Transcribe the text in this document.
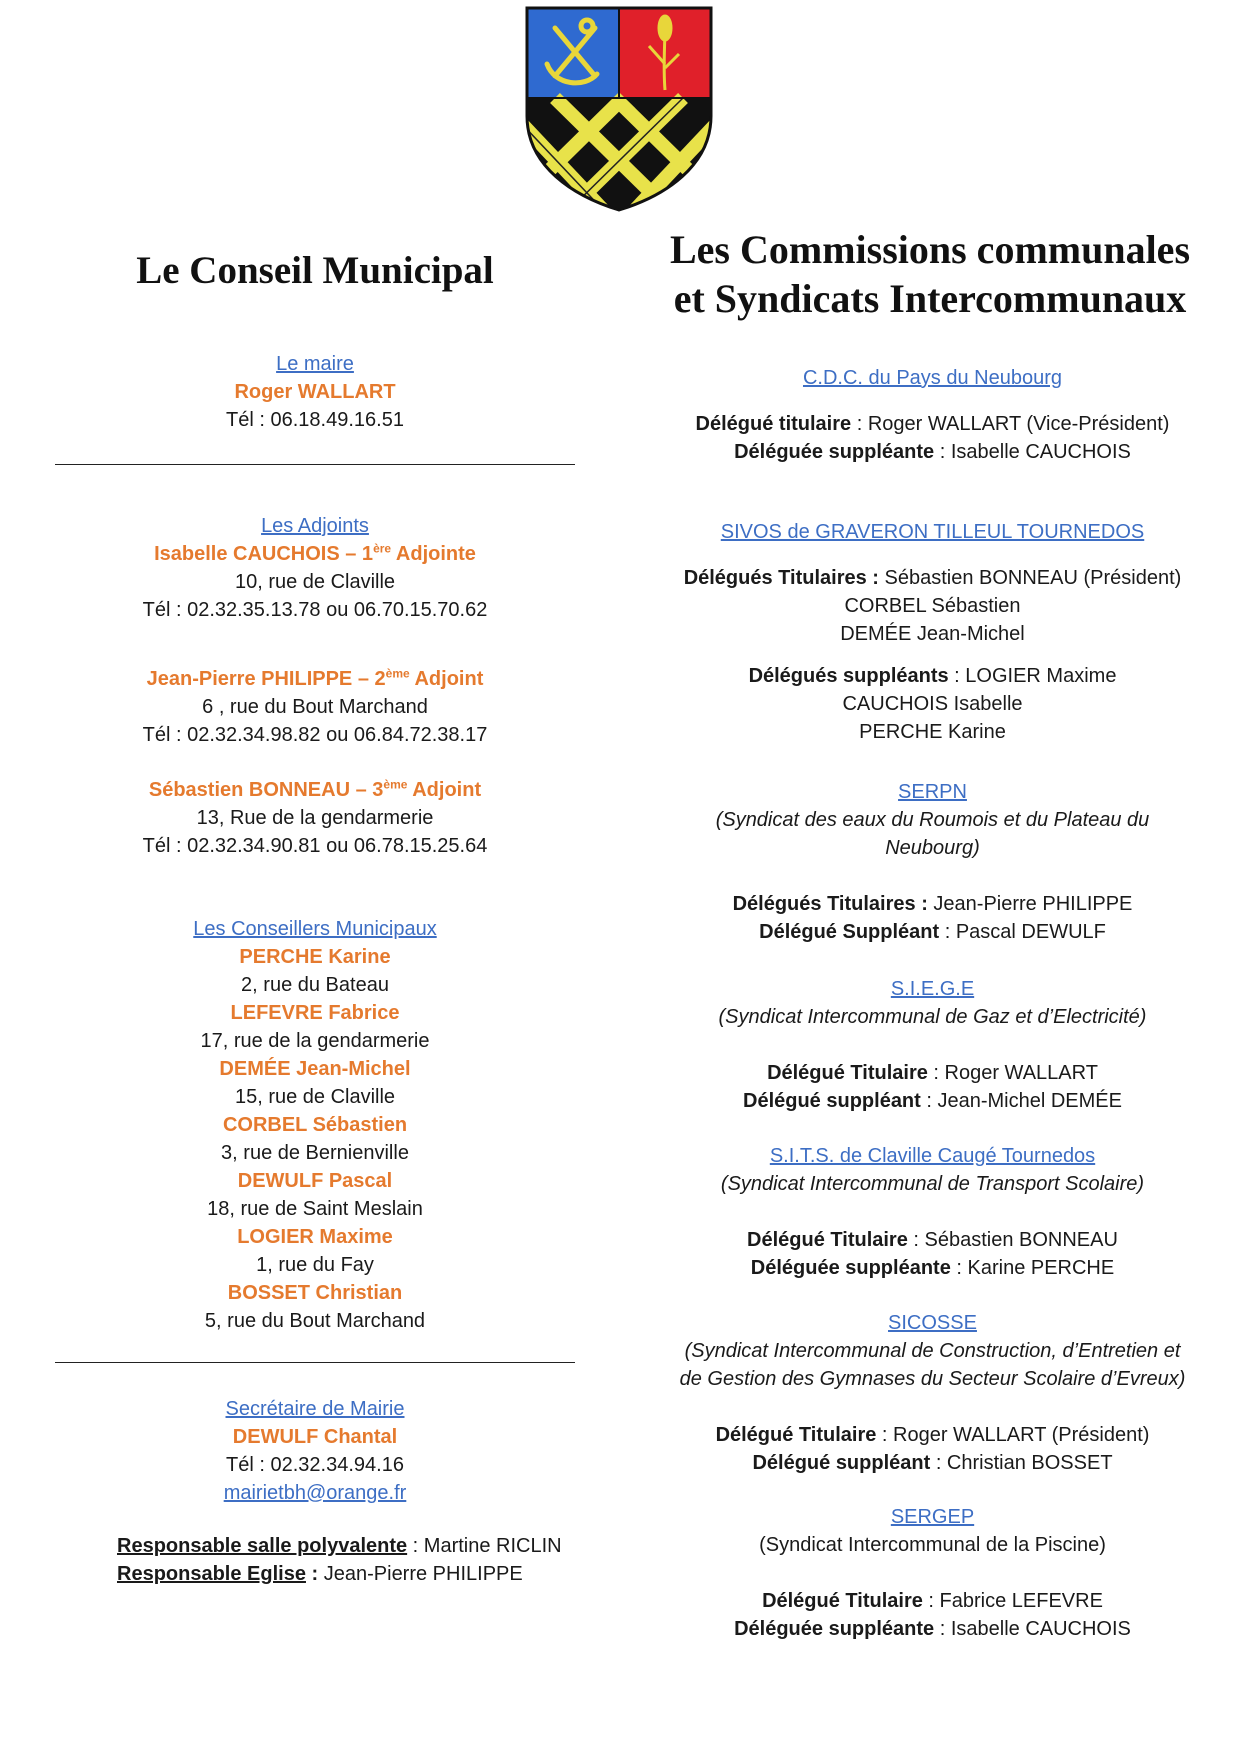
Le Conseil Municipal
Le maire
Roger WALLART
Tél : 06.18.49.16.51
Les Adjoints
Isabelle CAUCHOIS – 1ère Adjointe
10, rue de Claville
Tél : 02.32.35.13.78 ou 06.70.15.70.62
Jean-Pierre PHILIPPE – 2ème Adjoint
6 , rue du Bout Marchand
Tél : 02.32.34.98.82 ou 06.84.72.38.17
Sébastien BONNEAU – 3ème Adjoint
13, Rue de la gendarmerie
Tél : 02.32.34.90.81 ou 06.78.15.25.64
Les Conseillers Municipaux
PERCHE Karine
2, rue du Bateau
LEFEVRE Fabrice
17, rue de la gendarmerie
DEMÉE Jean-Michel
15, rue de Claville
CORBEL Sébastien
3, rue de Bernienville
DEWULF Pascal
18, rue de Saint Meslain
LOGIER Maxime
1, rue du Fay
BOSSET Christian
5, rue du Bout Marchand
Secrétaire de Mairie
DEWULF Chantal
Tél : 02.32.34.94.16
mairietbh@orange.fr
Responsable salle polyvalente : Martine RICLIN
Responsable Eglise : Jean-Pierre PHILIPPE
Les Commissions communales
et Syndicats Intercommunaux
C.D.C. du Pays du Neubourg
Délégué titulaire : Roger WALLART (Vice-Président)
Déléguée suppléante : Isabelle CAUCHOIS
SIVOS de GRAVERON TILLEUL TOURNEDOS
Délégués Titulaires : Sébastien BONNEAU (Président)
CORBEL Sébastien
DEMÉE Jean-Michel
Délégués suppléants : LOGIER Maxime
CAUCHOIS Isabelle
PERCHE Karine
SERPN
(Syndicat des eaux du Roumois et du Plateau du
Neubourg)
Délégués Titulaires : Jean-Pierre PHILIPPE
Délégué Suppléant : Pascal DEWULF
S.I.E.G.E
(Syndicat Intercommunal de Gaz et d’Electricité)
Délégué Titulaire : Roger WALLART
Délégué suppléant : Jean-Michel DEMÉE
S.I.T.S. de Claville Caugé Tournedos
(Syndicat Intercommunal de Transport Scolaire)
Délégué Titulaire : Sébastien BONNEAU
Déléguée suppléante : Karine PERCHE
SICOSSE
(Syndicat Intercommunal de Construction, d’Entretien et
de Gestion des Gymnases du Secteur Scolaire d’Evreux)
Délégué Titulaire : Roger WALLART (Président)
Délégué suppléant : Christian BOSSET
SERGEP
(Syndicat Intercommunal de la Piscine)
Délégué Titulaire : Fabrice LEFEVRE
Déléguée suppléante : Isabelle CAUCHOIS
